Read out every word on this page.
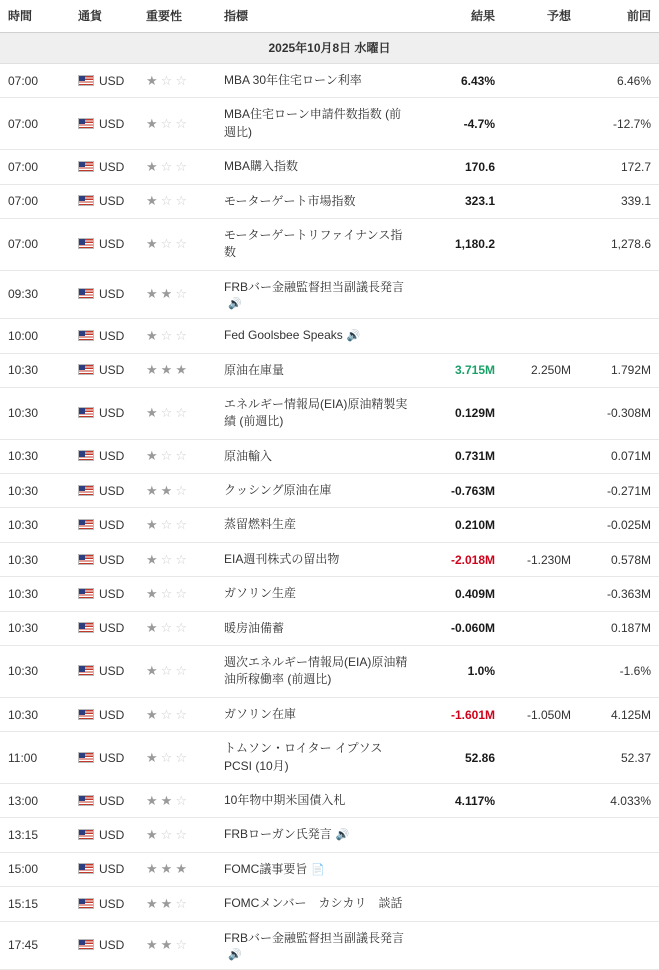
時間	通貨	重要性	指標	結果	予想	前回
2025年10月8日 水曜日						
07:00	USD	★☆☆	MBA 30年住宅ローン利率	6.43%		6.46%
07:00	USD	★☆☆	MBA住宅ローン申請件数指数 (前週比)	-4.7%		-12.7%
07:00	USD	★☆☆	MBA購入指数	170.6		172.7
07:00	USD	★☆☆	モーターゲート市場指数	323.1		339.1
07:00	USD	★☆☆	モーターゲートリファイナンス指数	1,180.2		1,278.6
09:30	USD	★★☆	FRBバー金融監督担当副議長発言🔊			
10:00	USD	★☆☆	Fed Goolsbee Speaks 🔊			
10:30	USD	★★★	原油在庫量	3.715M	2.250M	1.792M
10:30	USD	★☆☆	エネルギー情報局(EIA)原油精製実績 (前週比)	0.129M		-0.308M
10:30	USD	★☆☆	原油輸入	0.731M		0.071M
10:30	USD	★★☆	クッシング原油在庫	-0.763M		-0.271M
10:30	USD	★☆☆	蒸留燃料生産	0.210M		-0.025M
10:30	USD	★☆☆	EIA週刊株式の留出物	-2.018M	-1.230M	0.578M
10:30	USD	★☆☆	ガソリン生産	0.409M		-0.363M
10:30	USD	★☆☆	暖房油備蓄	-0.060M		0.187M
10:30	USD	★☆☆	週次エネルギー情報局(EIA)原油精油所稼働率 (前週比)	1.0%		-1.6%
10:30	USD	★☆☆	ガソリン在庫	-1.601M	-1.050M	4.125M
11:00	USD	★☆☆	トムソン・ロイター イプソス PCSI (10月)	52.86		52.37
13:00	USD	★★☆	10年物中期米国債入札	4.117%		4.033%
13:15	USD	★☆☆	FRBローガン氏発言 🔊			
15:00	USD	★★★	FOMC議事要旨 📄			
15:15	USD	★★☆	FOMCメンバー　カシカリ　談話			
17:45	USD	★★☆	FRBバー金融監督担当副議長発言🔊			
